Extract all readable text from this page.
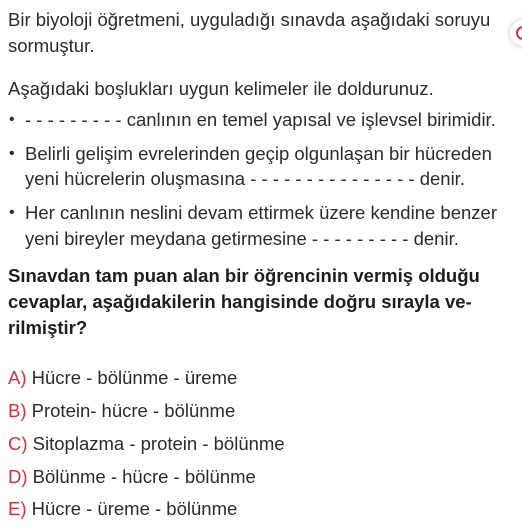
Bir biyoloji öğretmeni, uyguladığı sınavda aşağıdaki soruyu
sormuştur.
Aşağıdaki boşlukları uygun kelimeler ile doldurunuz.
• - - - - - - - - - canlının en temel yapısal ve işlevsel birimidir.
• Belirli gelişim evrelerinden geçip olgunlaşan bir hücreden
yeni hücrelerin oluşmasına - - - - - - - - - - - - - - - denir.
• Her canlının neslini devam ettirmek üzere kendine benzer
yeni bireyler meydana getirmesine - - - - - - - - - denir.
Sınavdan tam puan alan bir öğrencinin vermiş olduğu
cevaplar, aşağıdakilerin hangisinde doğru sırayla ve-
rilmiştir?
A) Hücre - bölünme - üreme
B) Protein- hücre - bölünme
C) Sitoplazma - protein - bölünme
D) Bölünme - hücre - bölünme
E) Hücre - üreme - bölünme
